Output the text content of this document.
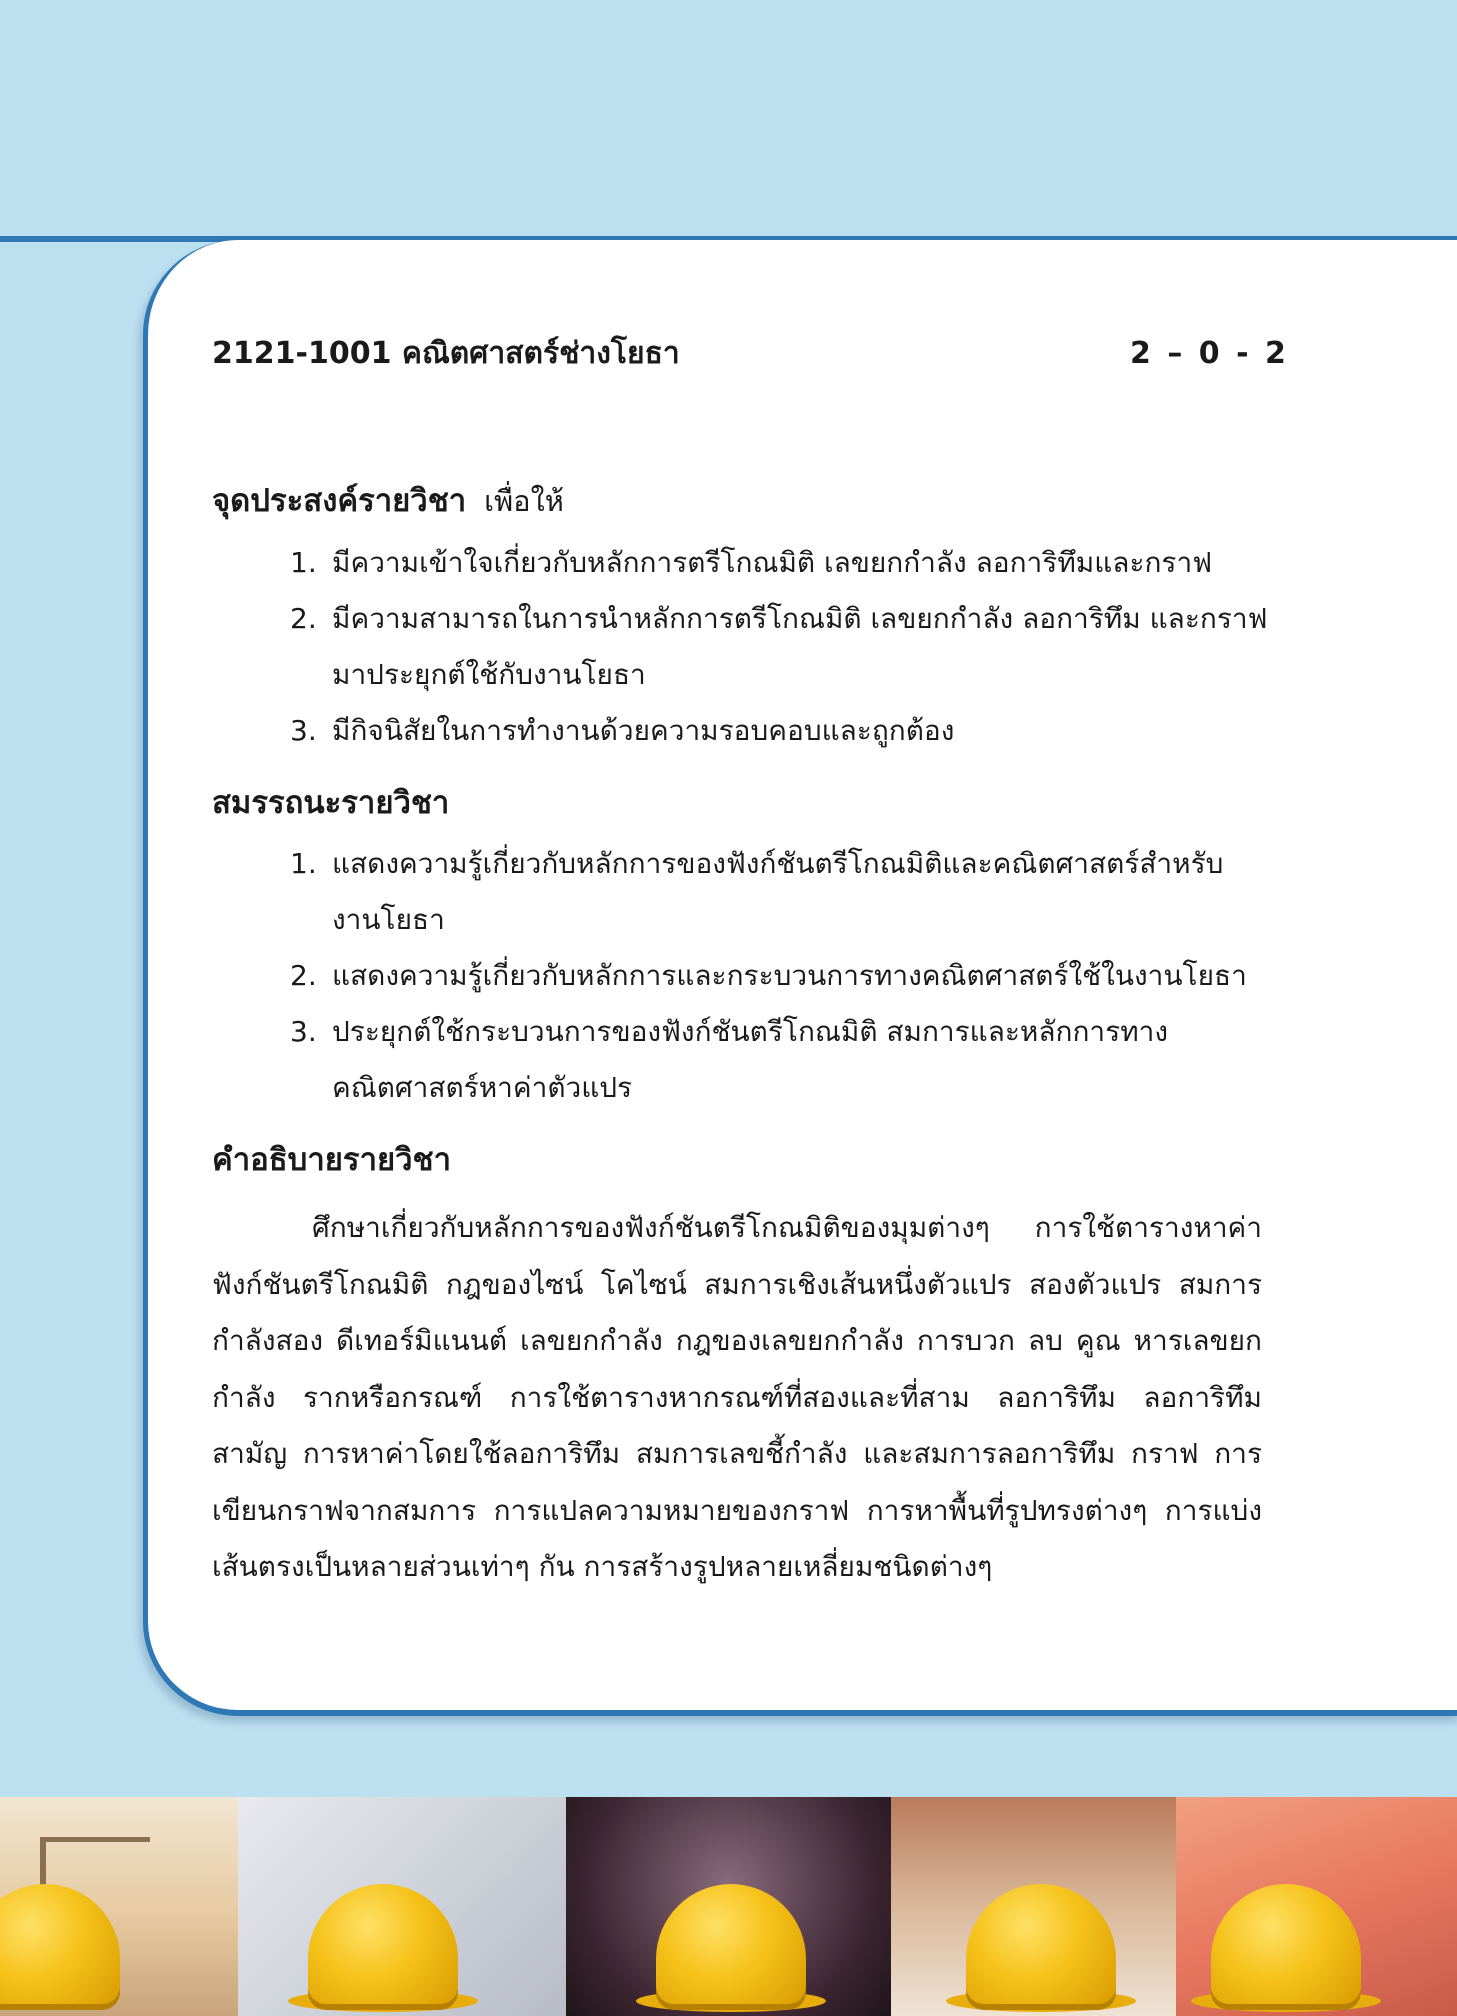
2121-1001 คณิตศาสตร์ช่างโยธา	2 – 0 - 2
จุดประสงค์รายวิชา เพื่อให้
1. มีความเข้าใจเกี่ยวกับหลักการตรีโกณมิติ เลขยกกำลัง ลอการิทึมและกราฟ
2. มีความสามารถในการนำหลักการตรีโกณมิติ เลขยกกำลัง ลอการิทึม และกราฟมาประยุกต์ใช้กับงานโยธา
3. มีกิจนิสัยในการทำงานด้วยความรอบคอบและถูกต้อง
สมรรถนะรายวิชา
1. แสดงความรู้เกี่ยวกับหลักการของฟังก์ชันตรีโกณมิติและคณิตศาสตร์สำหรับงานโยธา
2. แสดงความรู้เกี่ยวกับหลักการและกระบวนการทางคณิตศาสตร์ใช้ในงานโยธา
3. ประยุกต์ใช้กระบวนการของฟังก์ชันตรีโกณมิติ สมการและหลักการทางคณิตศาสตร์หาค่าตัวแปร
คำอธิบายรายวิชา
ศึกษาเกี่ยวกับหลักการของฟังก์ชันตรีโกณมิติของมุมต่างๆ การใช้ตารางหาค่าฟังก์ชันตรีโกณมิติ กฎของไซน์ โคไซน์ สมการเชิงเส้นหนึ่งตัวแปร สองตัวแปร สมการกำลังสอง ดีเทอร์มิแนนต์ เลขยกกำลัง กฎของเลขยกกำลัง การบวก ลบ คูณ หารเลขยกกำลัง รากหรือกรณฑ์ การใช้ตารางหากรณฑ์ที่สองและที่สาม ลอการิทึม ลอการิทึมสามัญ การหาค่าโดยใช้ลอการิทึม สมการเลขชี้กำลัง และสมการลอการิทึม กราฟ การเขียนกราฟจากสมการ การแปลความหมายของกราฟ การหาพื้นที่รูปทรงต่างๆ การแบ่งเส้นตรงเป็นหลายส่วนเท่าๆ กัน การสร้างรูปหลายเหลี่ยมชนิดต่างๆ
